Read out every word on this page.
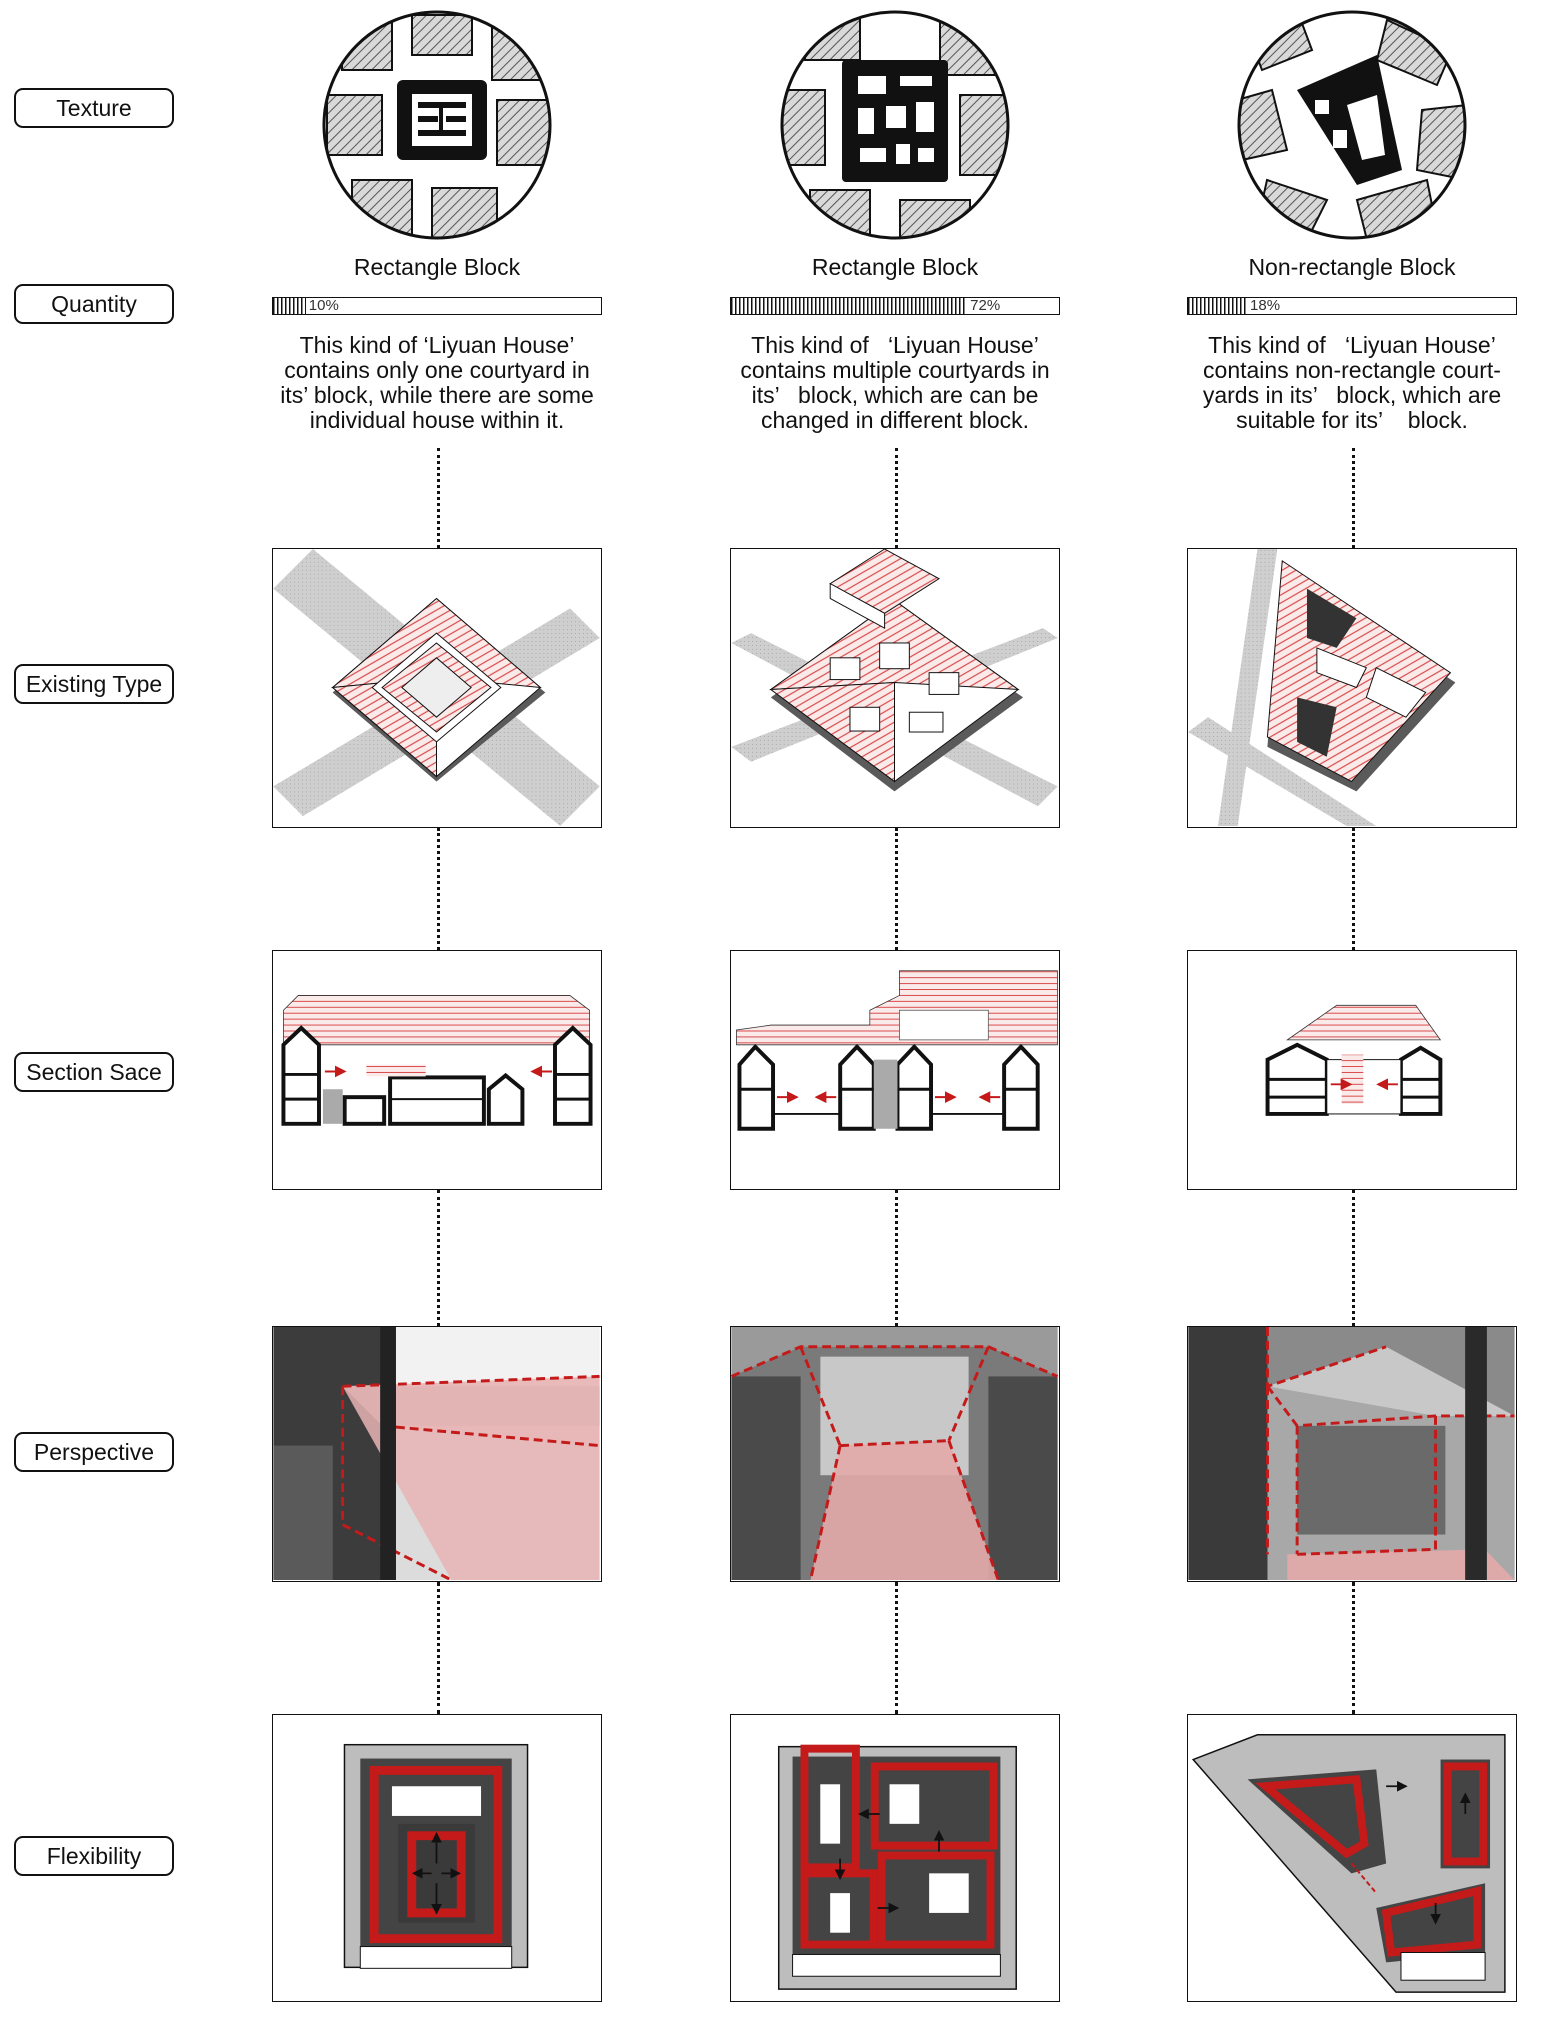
Texture
Quantity
Existing Type
Section Sace
Perspective
Flexibility
Rectangle Block
10%
This kind of ‘Liyuan House’
contains only one courtyard in
its’ block, while there are some
individual house within it.
Rectangle Block
72%
This kind of   ‘Liyuan House’
contains multiple courtyards in
its’   block, which are can be
changed in different block.
Non-rectangle Block
18%
This kind of   ‘Liyuan House’
contains non-rectangle court-
yards in its’   block, which are
suitable for its’    block.
